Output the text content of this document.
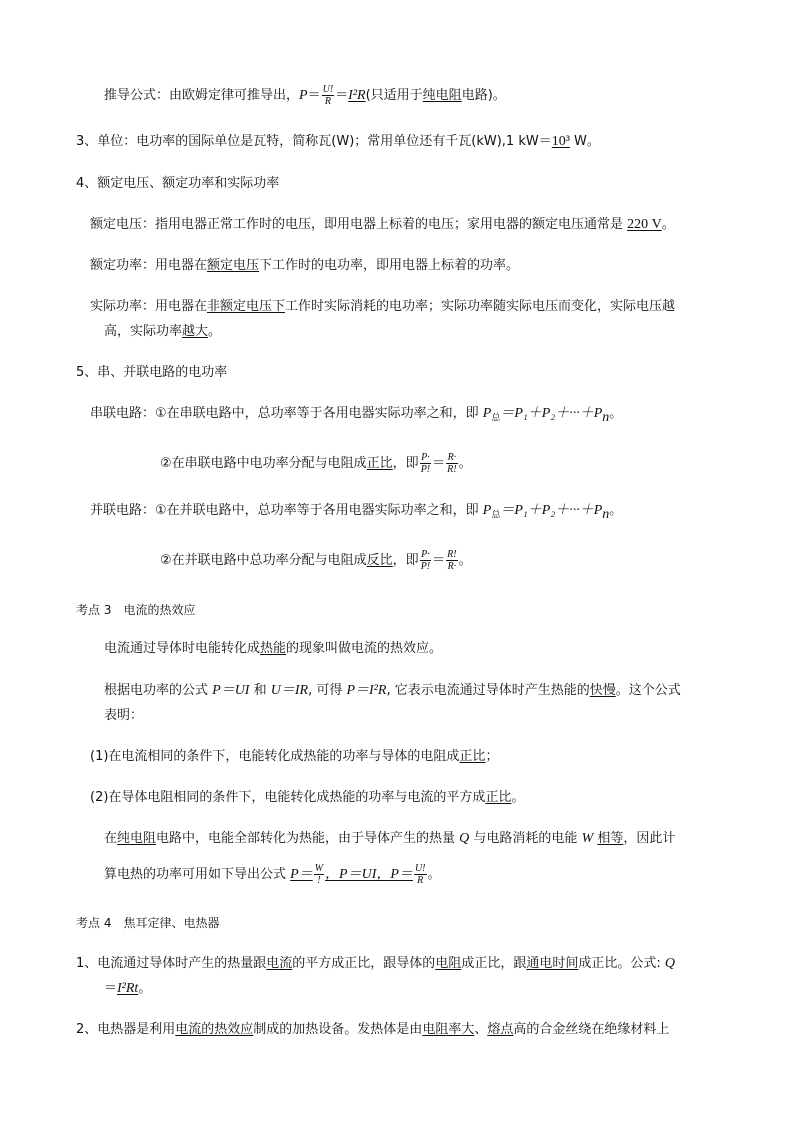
推导公式：由欧姆定律可推导出，$P= \frac{U!}{R} =I^2R$(只适用于纯电阻电路)。
3、单位：电功率的国际单位是瓦特，简称瓦(W)；常用单位还有千瓦(kW),1 kW＝10³ W。
4、额定电压、额定功率和实际功率
额定电压：指用电器正常工作时的电压，即用电器上标着的电压；家用电器的额定电压通常是 220 V。
额定功率：用电器在额定电压下工作时的电功率，即用电器上标着的功率。
实际功率：用电器在非额定电压下工作时实际消耗的电功率；实际功率随实际电压而变化，实际电压越
高，实际功率越大。
5、串、并联电路的电功率
串联电路：①在串联电路中，总功率等于各用电器实际功率之和，即 $P_总=P_1+P_2+\cdot\cdot\cdot+P_n$。
②在串联电路中电功率分配与电阻成正比，即 $\frac{P\cdot}{P!} = \frac{R\cdot}{R!}$ 。
并联电路：①在并联电路中，总功率等于各用电器实际功率之和，即 $P_总=P_1+P_2+\cdot\cdot\cdot+P_n$。
②在并联电路中总功率分配与电阻成反比，即 $\frac{P\cdot}{P!} = \frac{R!}{R\cdot}$ 。
考点 3　电流的热效应
电流通过导体时电能转化成热能的现象叫做电流的热效应。
根据电功率的公式 P＝UI 和 U＝IR, 可得 P＝I²R, 它表示电流通过导体时产生热能的快慢。这个公式
表明：
(1)在电流相同的条件下，电能转化成热能的功率与导体的电阻成正比；
(2)在导体电阻相同的条件下，电能转化成热能的功率与电流的平方成正比。
在纯电阻电路中，电能全部转化为热能，由于导体产生的热量 Q 与电路消耗的电能 W 相等，因此计
算电热的功率可用如下导出公式 $P= \frac{W}{!}$ ，P＝UI，$P= \frac{U!}{R}$ 。
考点 4　焦耳定律、电热器
1、电流通过导体时产生的热量跟电流的平方成正比，跟导体的电阻成正比，跟通电时间成正比。公式: Q
＝I²Rt。
2、电热器是利用电流的热效应制成的加热设备。发热体是由电阻率大、熔点高的合金丝绕在绝缘材料上
